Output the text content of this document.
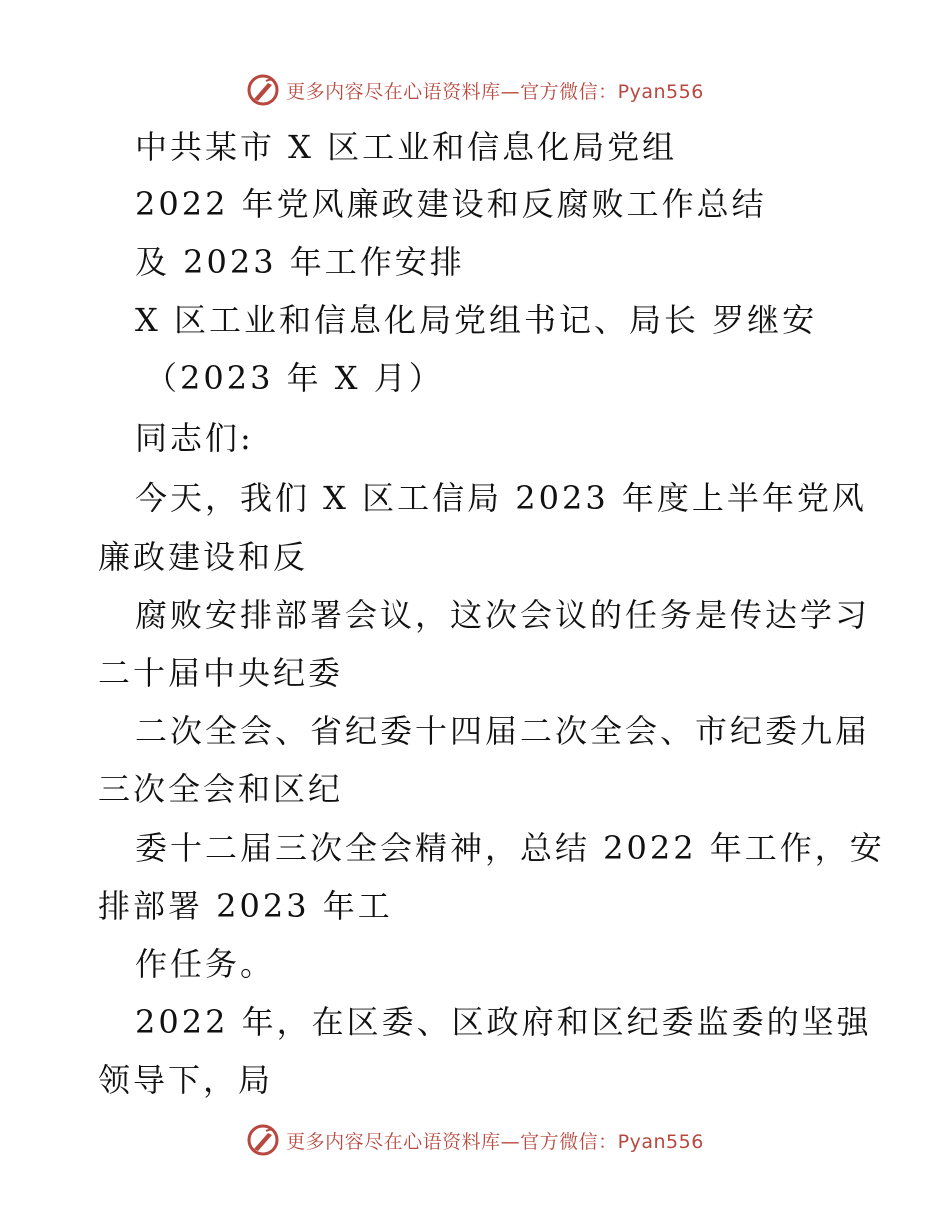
更多内容尽在心语资料库—官方微信：Pyan556
中共某市 X 区工业和信息化局党组
2022 年党风廉政建设和反腐败工作总结
及 2023 年工作安排
X 区工业和信息化局党组书记、局长 罗继安
（2023 年 X 月）
同志们:
今天，我们 X 区工信局 2023 年度上半年党风
廉政建设和反
腐败安排部署会议，这次会议的任务是传达学习
二十届中央纪委
二次全会、省纪委十四届二次全会、市纪委九届
三次全会和区纪
委十二届三次全会精神，总结 2022 年工作，安
排部署 2023 年工
作任务。
2022 年，在区委、区政府和区纪委监委的坚强
领导下，局
更多内容尽在心语资料库—官方微信：Pyan556
